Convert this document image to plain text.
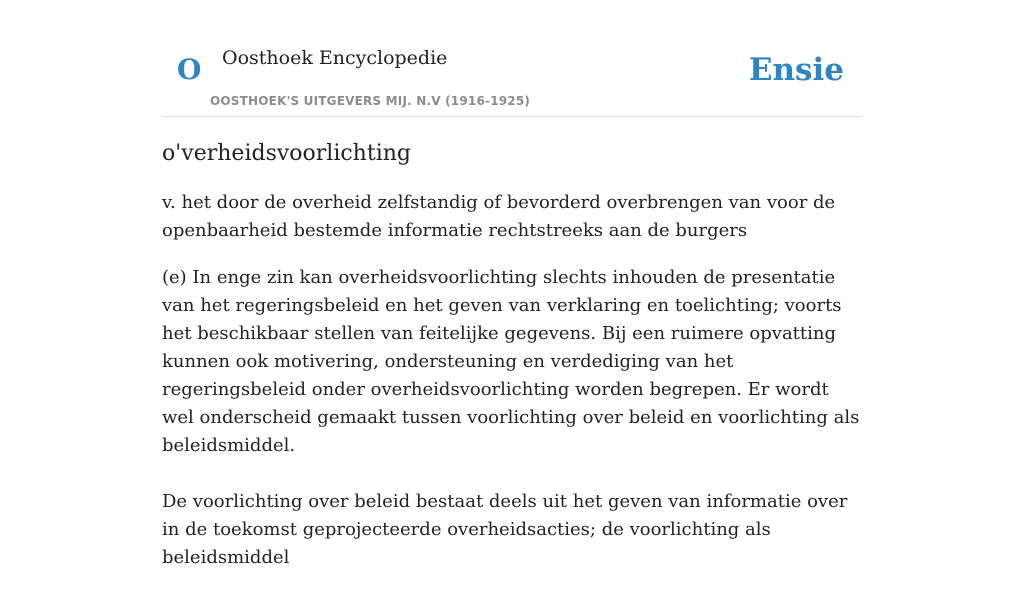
O Oosthoek Encyclopedie
OOSTHOEK'S UITGEVERS MIJ. N.V (1916-1925)
Ensie
o'verheidsvoorlichting

v. het door de overheid zelfstandig of bevorderd overbrengen van voor de openbaarheid bestemde informatie rechtstreeks aan de burgers

(e) In enge zin kan overheidsvoorlichting slechts inhouden de presentatie van het regeringsbeleid en het geven van verklaring en toelichting; voorts het beschikbaar stellen van feitelijke gegevens. Bij een ruimere opvatting kunnen ook motivering, ondersteuning en verdediging van het regeringsbeleid onder overheidsvoorlichting worden begrepen. Er wordt wel onderscheid gemaakt tussen voorlichting over beleid en voorlichting als beleidsmiddel.

De voorlichting over beleid bestaat deels uit het geven van informatie over in de toekomst geprojecteerde overheidsacties; de voorlichting als beleidsmiddel
